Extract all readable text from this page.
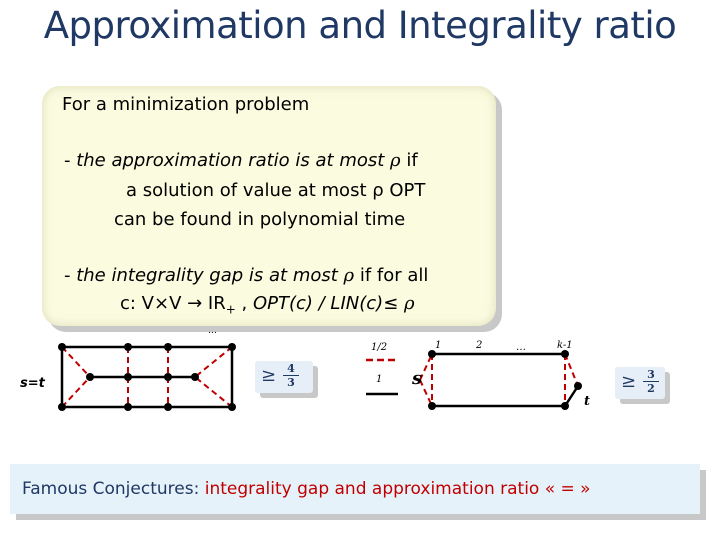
Approximation and Integrality ratio
For a minimization problem
- the approximation ratio is at most ρ if
a solution of value at most ρ OPT
can be found in polynomial time
- the integrality gap is at most ρ if for all
c: $V\times V \to IR_+$ , OPT(c) / LIN(c)≤ ρ
…
s=t	≥	4
3
1/2
1
1	2	…	k-1
s
t
≥	3
2
Famous Conjectures: integrality gap and approximation ratio « = »
